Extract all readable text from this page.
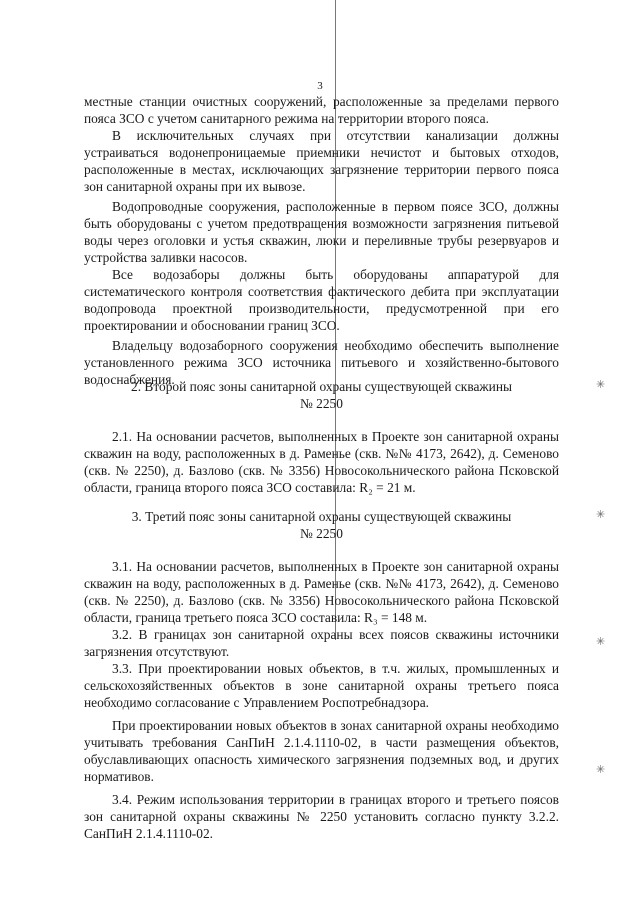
3

местные станции очистных сооружений, расположенные за пределами первого пояса ЗСО с учетом санитарного режима на территории второго пояса.

В исключительных случаях при отсутствии канализации должны устраиваться водонепроницаемые приемники нечистот и бытовых отходов, расположенные в местах, исключающих загрязнение территории первого пояса зон санитарной охраны при их вывозе.

Водопроводные сооружения, расположенные в первом поясе ЗСО, должны быть оборудованы с учетом предотвращения возможности загрязнения питьевой воды через оголовки и устья скважин, люки и переливные трубы резервуаров и устройства заливки насосов.

Все водозаборы должны быть оборудованы аппаратурой для систематического контроля соответствия фактического дебита при эксплуатации водопровода проектной производительности, предусмотренной при его проектировании и обосновании границ ЗСО.

Владельцу водозаборного сооружения необходимо обеспечить выполнение установленного режима ЗСО источника питьевого и хозяйственно-бытового водоснабжения.

2. Второй пояс зоны санитарной охраны существующей скважины

№ 2250

2.1. На основании расчетов, выполненных в Проекте зон санитарной охраны скважин на воду, расположенных в д. Раменье (скв. №№ 4173, 2642), д. Семеново (скв. № 2250), д. Базлово (скв. № 3356) Новосокольнического района Псковской области, граница второго пояса ЗСО составила: R₂ = 21 м.

3. Третий пояс зоны санитарной охраны существующей скважины

№ 2250

3.1. На основании расчетов, выполненных в Проекте зон санитарной охраны скважин на воду, расположенных в д. Раменье (скв. №№ 4173, 2642), д. Семеново (скв. № 2250), д. Базлово (скв. № 3356) Новосокольнического района Псковской области, граница третьего пояса ЗСО составила: R₃ = 148 м.

3.2. В границах зон санитарной охраны всех поясов скважины источники загрязнения отсутствуют.

3.3. При проектировании новых объектов, в т.ч. жилых, промышленных и сельскохозяйственных объектов в зоне санитарной охраны третьего пояса необходимо согласование с Управлением Роспотребнадзора.

При проектировании новых объектов в зонах санитарной охраны необходимо учитывать требования СанПиН 2.1.4.1110-02, в части размещения объектов, обуславливающих опасность химического загрязнения подземных вод, и других нормативов.

3.4. Режим использования территории в границах второго и третьего поясов зон санитарной охраны скважины № 2250 установить согласно пункту 3.2.2. СанПиН 2.1.4.1110-02.

✳
✳
✳
✳
